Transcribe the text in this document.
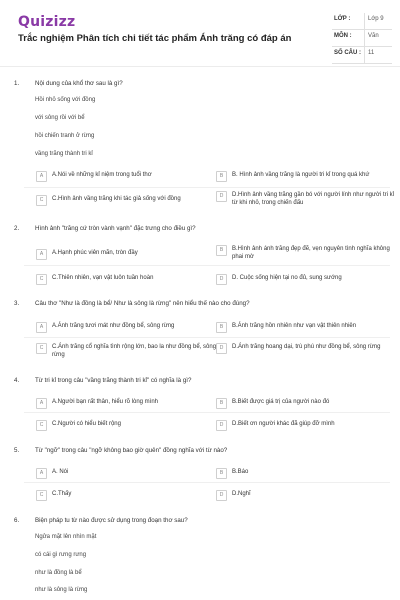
Quizizz
Trắc nghiệm Phân tích chi tiết tác phẩm Ánh trăng có đáp án
LỚP :	Lớp 9
MÔN :	Văn
SỐ CÂU : 11
1.	Nội dung của khổ thơ sau là gì?
Hồi nhỏ sống với đồng
với sông rồi với bể
hồi chiến tranh ở rừng
vầng trăng thành tri kỉ
A	A.Nói về những kỉ niệm trong tuổi thơ	B	B. Hình ảnh vầng trăng là người tri kỉ trong quá khứ
C	C.Hình ảnh vầng trăng khi tác giả sống với đồng	D	D.Hình ảnh vầng trăng gần bó với người lính như người tri kỉ từ khi nhỏ, trong chiến đấu
2.	Hình ảnh "trăng cứ tròn vành vạnh" đặc trưng cho điều gì?
A	A.Hạnh phúc viên mãn, tròn đầy	B	B.Hình ảnh ánh trăng đẹp đẽ, vẹn nguyên tình nghĩa không phai mờ
C	C.Thiên nhiên, vạn vật luôn tuần hoàn	D	D. Cuộc sống hiện tại no đủ, sung sướng
3.	Câu thơ "Như là đồng là bể/ Như là sông là rừng" nên hiểu thế nào cho đúng?
A	A.Ánh trăng tươi mát như đồng bể, sông rừng	B	B.Ánh trăng hồn nhiên như vạn vật thiên nhiên
C	C.Ánh trăng cổ nghĩa tình rộng lớn, bao la như đồng bể, sông rừng
D	D.Ánh trăng hoang dại, trù phú như đồng bể, sông rừng
4.	Từ tri kỉ trong câu "vầng trăng thành tri kỉ" có nghĩa là gì?
A	A.Người bạn rất thân, hiểu rõ lòng mình	B	B.Biết được giá trị của người nào đó
C	C.Người có hiểu biết rộng	D	D.Biết ơn người khác đã giúp đỡ mình
5.	Từ "ngỡ" trong câu "ngỡ không bao giờ quên" đồng nghĩa với từ nào?
A	A. Nói	B	B.Báo
C	C.Thấy	D	D.Nghĩ
6.	Biện pháp tu từ nào được sử dụng trong đoạn thơ sau?
Ngửa mặt lên nhìn mặt
có cái gì rưng rưng
như là đồng là bể
như là sông là rừng
